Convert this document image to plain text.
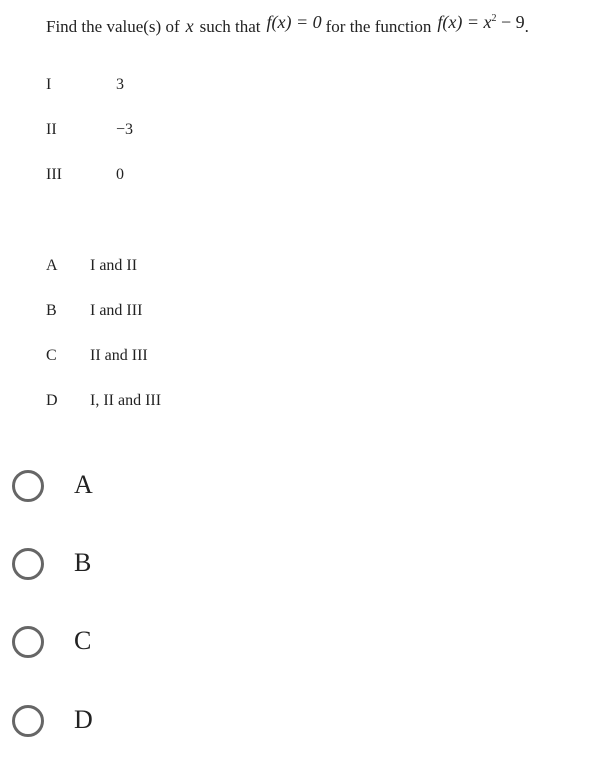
Find the value(s) of x such that f(x) = 0 for the function $f(x) = x^2 - 9$ .
I	3
II	−3
III	0
A I and II
B I and III
C II and III
D I, II and III
A
B
C
D
